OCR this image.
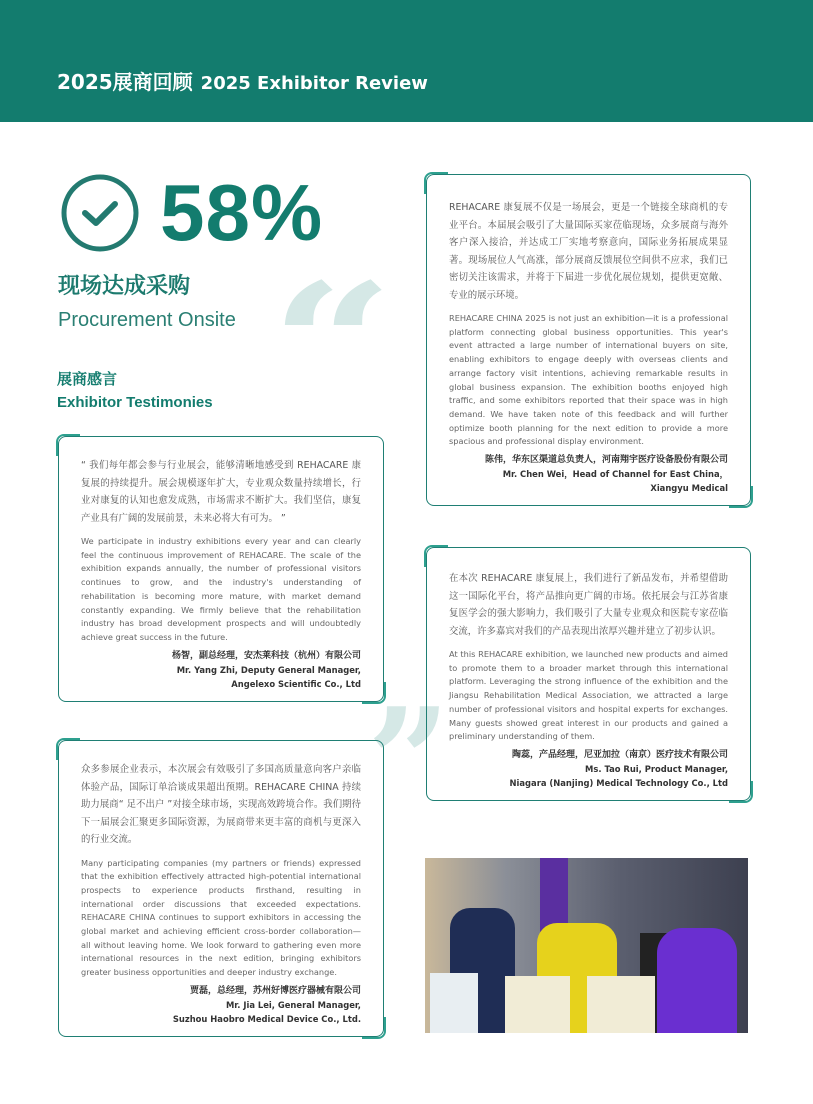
2025展商回顾 2025 Exhibitor Review
58%
现场达成采购
Procurement Onsite “
”
展商感言
Exhibitor Testimonies

“ 我们每年都会参与行业展会，能够清晰地感受到 REHACARE 康复展的持续提升。展会规模逐年扩大，专业观众数量持续增长，行业对康复的认知也愈发成熟，市场需求不断扩大。我们坚信，康复产业具有广阔的发展前景，未来必将大有可为。 ”

We participate in industry exhibitions every year and can clearly feel the continuous improvement of REHACARE. The scale of the exhibition expands annually, the number of professional visitors continues to grow, and the industry's understanding of rehabilitation is becoming more mature, with market demand constantly expanding. We firmly believe that the rehabilitation industry has broad development prospects and will undoubtedly achieve great success in the future.

杨智，副总经理，安杰莱科技（杭州）有限公司
Mr. Yang Zhi, Deputy General Manager,
Angelexo Scientific Co., Ltd

REHACARE 康复展不仅是一场展会，更是一个链接全球商机的专业平台。本届展会吸引了大量国际买家莅临现场，众多展商与海外客户深入接洽，并达成工厂实地考察意向，国际业务拓展成果显著。现场展位人气高涨，部分展商反馈展位空间供不应求，我们已密切关注该需求，并将于下届进一步优化展位规划，提供更宽敞、专业的展示环境。

REHACARE CHINA 2025 is not just an exhibition—it is a professional platform connecting global business opportunities. This year's event attracted a large number of international buyers on site, enabling exhibitors to engage deeply with overseas clients and arrange factory visit intentions, achieving remarkable results in global business expansion. The exhibition booths enjoyed high traffic, and some exhibitors reported that their space was in high demand. We have taken note of this feedback and will further optimize booth planning for the next edition to provide a more spacious and professional display environment.

陈伟，华东区渠道总负责人，河南翔宇医疗设备股份有限公司
Mr. Chen Wei，Head of Channel for East China，
Xiangyu Medical

在本次 REHACARE 康复展上，我们进行了新品发布，并希望借助这一国际化平台，将产品推向更广阔的市场。依托展会与江苏省康复医学会的强大影响力，我们吸引了大量专业观众和医院专家莅临交流，许多嘉宾对我们的产品表现出浓厚兴趣并建立了初步认识。

At this REHACARE exhibition, we launched new products and aimed to promote them to a broader market through this international platform. Leveraging the strong influence of the exhibition and the Jiangsu Rehabilitation Medical Association, we attracted a large number of professional visitors and hospital experts for exchanges. Many guests showed great interest in our products and gained a preliminary understanding of them.

陶蕊，产品经理，尼亚加拉（南京）医疗技术有限公司
Ms. Tao Rui, Product Manager,
Niagara (Nanjing) Medical Technology Co., Ltd

众多参展企业表示，本次展会有效吸引了多国高质量意向客户亲临体验产品，国际订单洽谈成果超出预期。REHACARE CHINA 持续助力展商“ 足不出户 ”对接全球市场，实现高效跨境合作。我们期待下一届展会汇聚更多国际资源，为展商带来更丰富的商机与更深入的行业交流。

Many participating companies (my partners or friends) expressed that the exhibition effectively attracted high-potential international prospects to experience products firsthand, resulting in international order discussions that exceeded expectations. REHACARE CHINA continues to support exhibitors in accessing the global market and achieving efficient cross-border collaboration—all without leaving home. We look forward to gathering even more international resources in the next edition, bringing exhibitors greater business opportunities and deeper industry exchange.

贾磊，总经理，苏州好博医疗器械有限公司
Mr. Jia Lei, General Manager,
Suzhou Haobro Medical Device Co., Ltd.
